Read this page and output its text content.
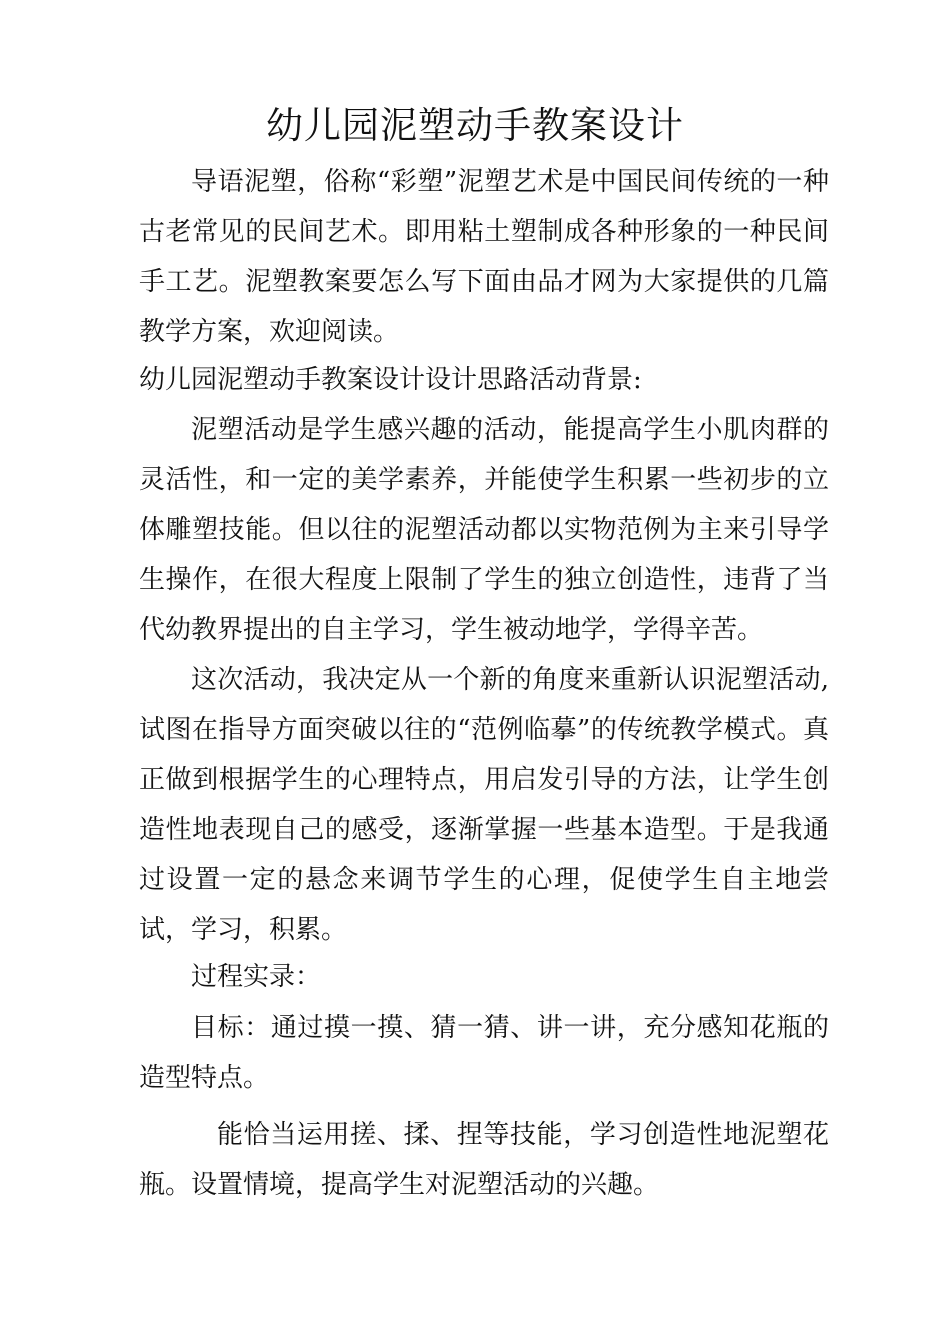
幼儿园泥塑动手教案设计

导语泥塑，俗称“彩塑”泥塑艺术是中国民间传统的一种古老常见的民间艺术。即用粘土塑制成各种形象的一种民间手工艺。泥塑教案要怎么写下面由品才网为大家提供的几篇教学方案，欢迎阅读。

幼儿园泥塑动手教案设计设计思路活动背景:

泥塑活动是学生感兴趣的活动，能提高学生小肌肉群的灵活性，和一定的美学素养，并能使学生积累一些初步的立体雕塑技能。但以往的泥塑活动都以实物范例为主来引导学生操作，在很大程度上限制了学生的独立创造性，违背了当代幼教界提出的自主学习，学生被动地学，学得辛苦。

这次活动，我决定从一个新的角度来重新认识泥塑活动,试图在指导方面突破以往的“范例临摹”的传统教学模式。真正做到根据学生的心理特点，用启发引导的方法，让学生创造性地表现自己的感受，逐渐掌握一些基本造型。于是我通过设置一定的悬念来调节学生的心理，促使学生自主地尝试，学习，积累。

过程实录：

目标：通过摸一摸、猜一猜、讲一讲，充分感知花瓶的造型特点。

能恰当运用搓、揉、捏等技能，学习创造性地泥塑花瓶。设置情境，提高学生对泥塑活动的兴趣。
